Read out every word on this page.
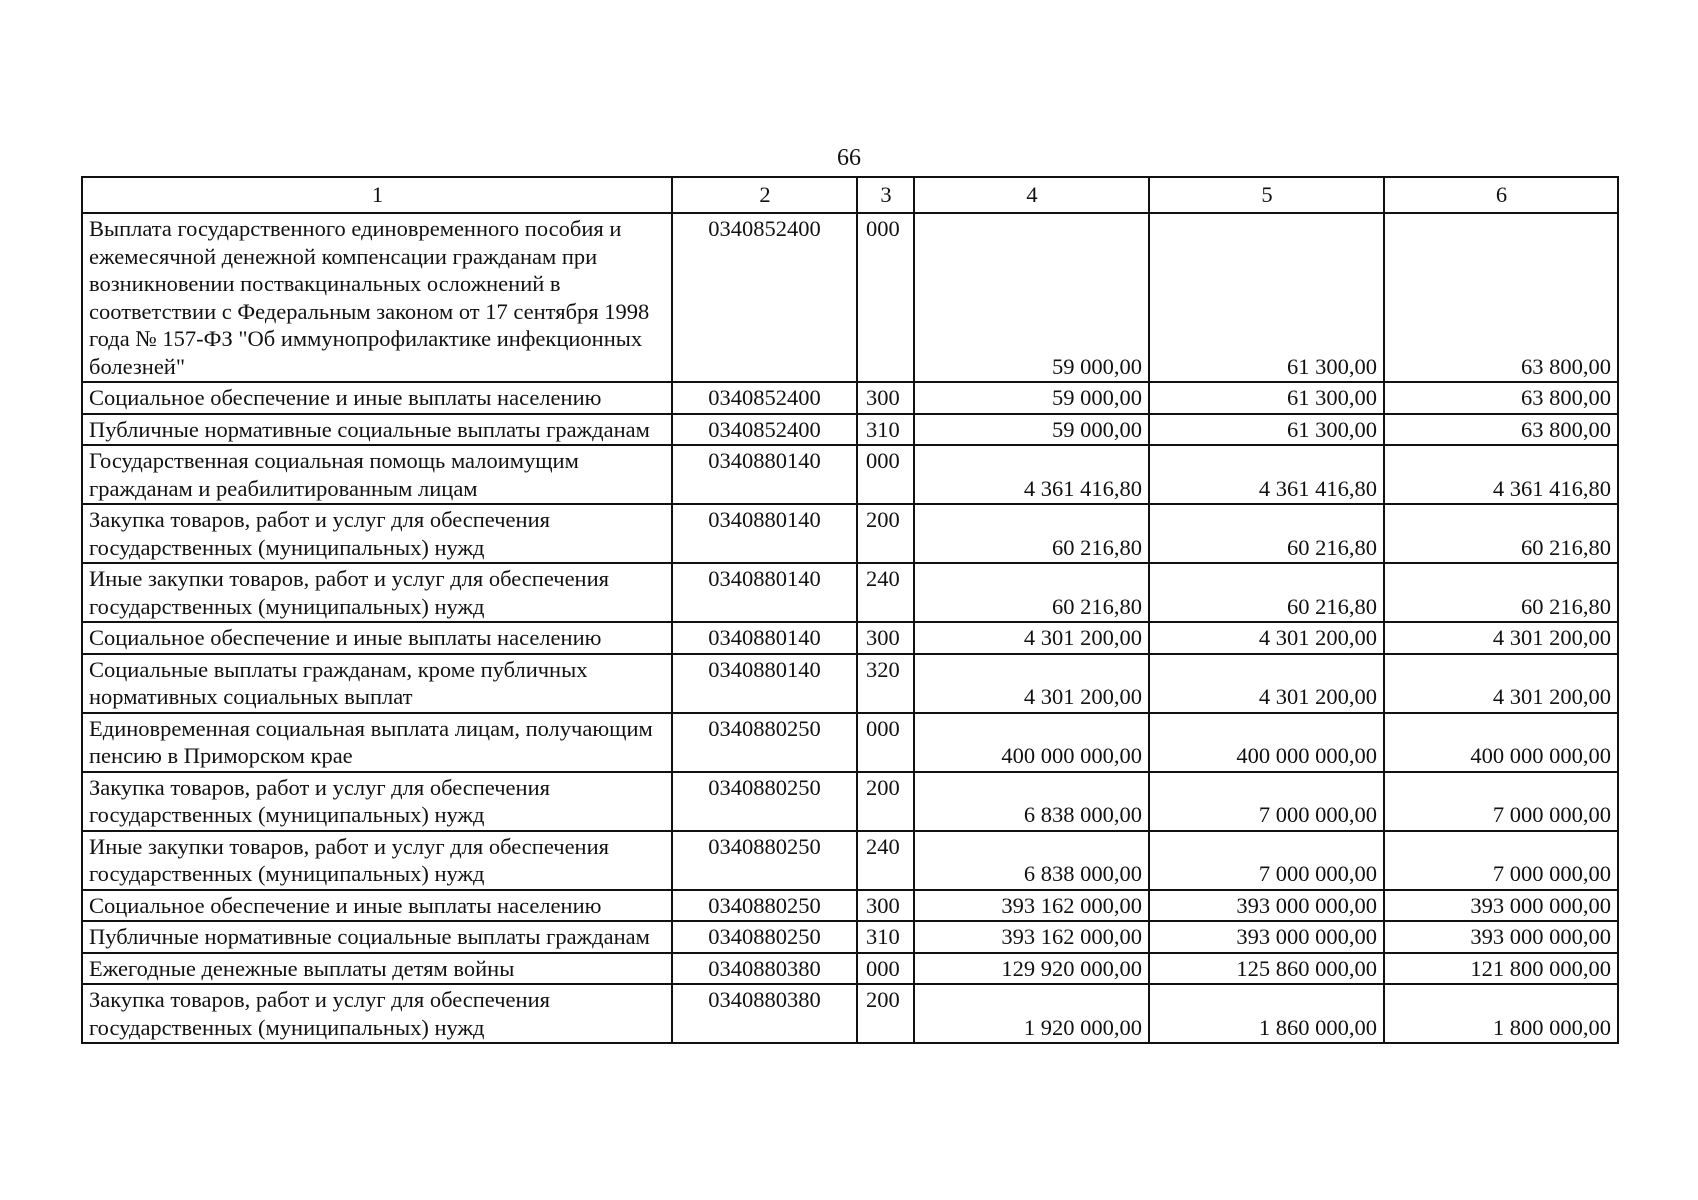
66
1	2	3	4	5	6
Выплата государственного единовременного пособия и ежемесячной денежной компенсации гражданам при возникновении поствакцинальных осложнений в соответствии с Федеральным законом от 17 сентября 1998 года № 157-ФЗ "Об иммунопрофилактике инфекционных болезней"	0340852400	000	59 000,00	61 300,00	63 800,00
Социальное обеспечение и иные выплаты населению	0340852400	300	59 000,00	61 300,00	63 800,00
Публичные нормативные социальные выплаты гражданам	0340852400	310	59 000,00	61 300,00	63 800,00
Государственная социальная помощь малоимущим гражданам и реабилитированным лицам	0340880140	000	4 361 416,80	4 361 416,80	4 361 416,80
Закупка товаров, работ и услуг для обеспечения государственных (муниципальных) нужд	0340880140	200	60 216,80	60 216,80	60 216,80
Иные закупки товаров, работ и услуг для обеспечения государственных (муниципальных) нужд	0340880140	240	60 216,80	60 216,80	60 216,80
Социальное обеспечение и иные выплаты населению	0340880140	300	4 301 200,00	4 301 200,00	4 301 200,00
Социальные выплаты гражданам, кроме публичных нормативных социальных выплат	0340880140	320	4 301 200,00	4 301 200,00	4 301 200,00
Единовременная социальная выплата лицам, получающим пенсию в Приморском крае	0340880250	000	400 000 000,00	400 000 000,00	400 000 000,00
Закупка товаров, работ и услуг для обеспечения государственных (муниципальных) нужд	0340880250	200	6 838 000,00	7 000 000,00	7 000 000,00
Иные закупки товаров, работ и услуг для обеспечения государственных (муниципальных) нужд	0340880250	240	6 838 000,00	7 000 000,00	7 000 000,00
Социальное обеспечение и иные выплаты населению	0340880250	300	393 162 000,00	393 000 000,00	393 000 000,00
Публичные нормативные социальные выплаты гражданам	0340880250	310	393 162 000,00	393 000 000,00	393 000 000,00
Ежегодные денежные выплаты детям войны	0340880380	000	129 920 000,00	125 860 000,00	121 800 000,00
Закупка товаров, работ и услуг для обеспечения государственных (муниципальных) нужд	0340880380	200	1 920 000,00	1 860 000,00	1 800 000,00
